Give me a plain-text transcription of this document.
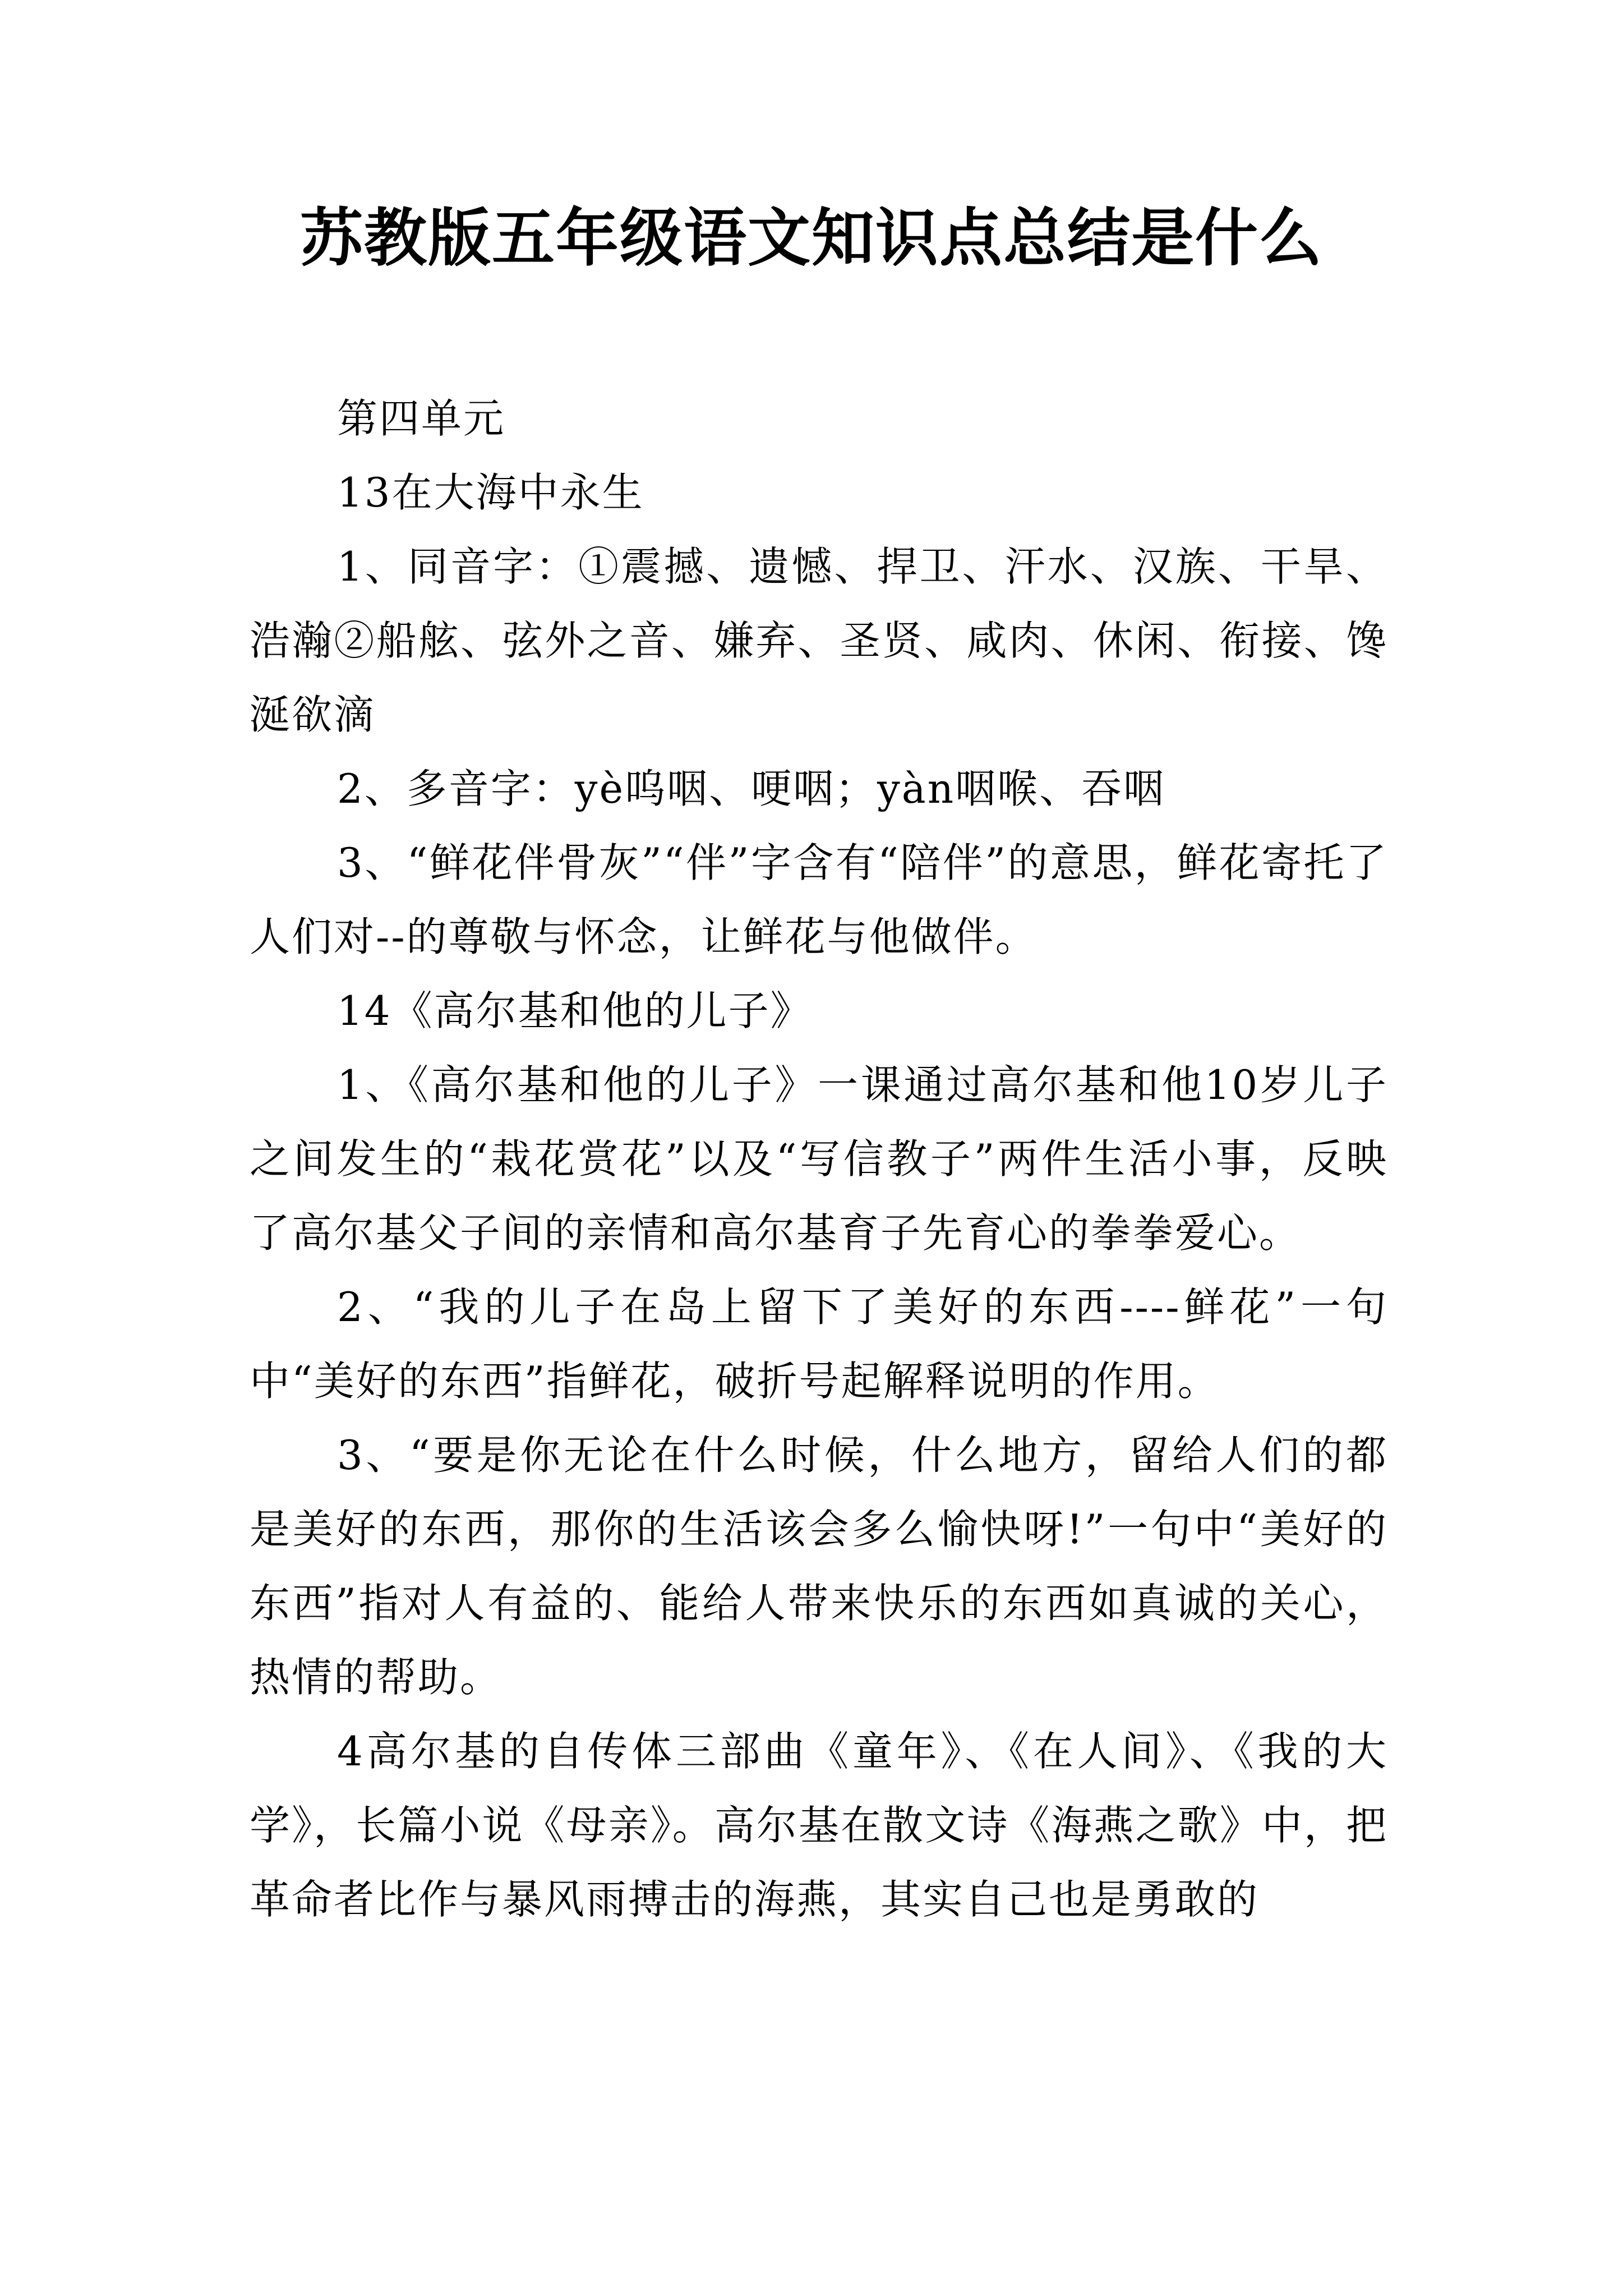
苏教版五年级语文知识点总结是什么

第四单元

13在大海中永生

1、同音字：①震撼、遗憾、捍卫、汗水、汉族、干旱、浩瀚②船舷、弦外之音、嫌弃、圣贤、咸肉、休闲、衔接、馋涎欲滴

2、多音字：yè呜咽、哽咽；yàn咽喉、吞咽

3、“鲜花伴骨灰”“伴”字含有“陪伴”的意思，鲜花寄托了人们对--的尊敬与怀念，让鲜花与他做伴。

14《高尔基和他的儿子》

1、《高尔基和他的儿子》一课通过高尔基和他10岁儿子之间发生的“栽花赏花”以及“写信教子”两件生活小事，反映了高尔基父子间的亲情和高尔基育子先育心的拳拳爱心。

2、“我的儿子在岛上留下了美好的东西----鲜花”一句中“美好的东西”指鲜花，破折号起解释说明的作用。

3、“要是你无论在什么时候，什么地方，留给人们的都是美好的东西，那你的生活该会多么愉快呀!”一句中“美好的东西”指对人有益的、能给人带来快乐的东西如真诚的关心，热情的帮助。

4高尔基的自传体三部曲《童年》、《在人间》、《我的大学》，长篇小说《母亲》。高尔基在散文诗《海燕之歌》中，把革命者比作与暴风雨搏击的海燕，其实自己也是勇敢的
